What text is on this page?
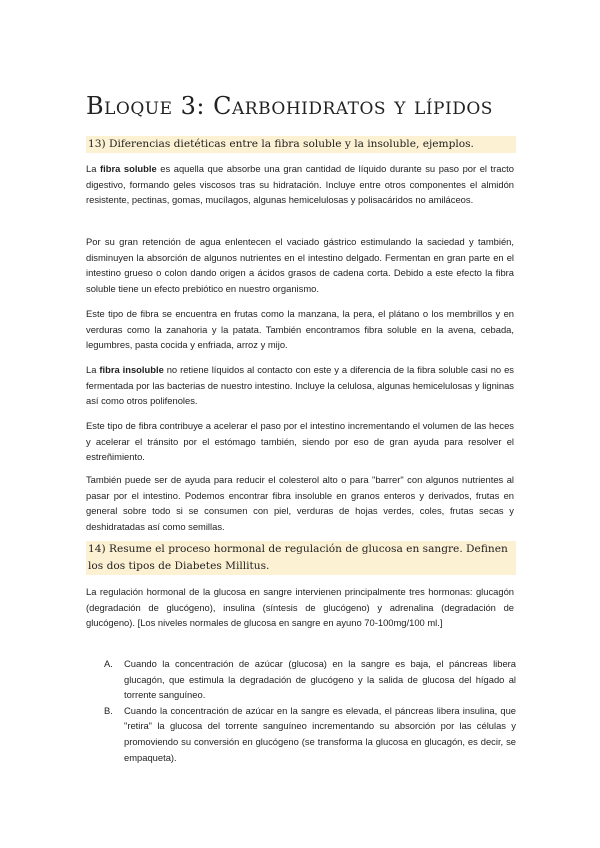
Bloque 3: Carbohidratos y lípidos
13) Diferencias dietéticas entre la fibra soluble y la insoluble, ejemplos.

La fibra soluble es aquella que absorbe una gran cantidad de líquido durante su paso por el tracto digestivo, formando geles viscosos tras su hidratación. Incluye entre otros componentes el almidón resistente, pectinas, gomas, mucílagos, algunas hemicelulosas y polisacáridos no amiláceos.

Por su gran retención de agua enlentecen el vaciado gástrico estimulando la saciedad y también, disminuyen la absorción de algunos nutrientes en el intestino delgado. Fermentan en gran parte en el intestino grueso o colon dando origen a ácidos grasos de cadena corta. Debido a este efecto la fibra soluble tiene un efecto prebiótico en nuestro organismo.

Este tipo de fibra se encuentra en frutas como la manzana, la pera, el plátano o los membrillos y en verduras como la zanahoria y la patata. También encontramos fibra soluble en la avena, cebada, legumbres, pasta cocida y enfriada, arroz y mijo.

La fibra insoluble no retiene líquidos al contacto con este y a diferencia de la fibra soluble casi no es fermentada por las bacterias de nuestro intestino. Incluye la celulosa, algunas hemicelulosas y ligninas así como otros polifenoles.

Este tipo de fibra contribuye a acelerar el paso por el intestino incrementando el volumen de las heces y acelerar el tránsito por el estómago también, siendo por eso de gran ayuda para resolver el estreñimiento.

También puede ser de ayuda para reducir el colesterol alto o para "barrer" con algunos nutrientes al pasar por el intestino. Podemos encontrar fibra insoluble en granos enteros y derivados, frutas en general sobre todo si se consumen con piel, verduras de hojas verdes, coles, frutas secas y deshidratadas así como semillas.

14) Resume el proceso hormonal de regulación de glucosa en sangre. Definen los dos tipos de Diabetes Millitus.

La regulación hormonal de la glucosa en sangre intervienen principalmente tres hormonas: glucagón (degradación de glucógeno), insulina (síntesis de glucógeno) y adrenalina (degradación de glucógeno). [Los niveles normales de glucosa en sangre en ayuno 70-100mg/100 ml.]

A. Cuando la concentración de azúcar (glucosa) en la sangre es baja, el páncreas libera glucagón, que estimula la degradación de glucógeno y la salida de glucosa del hígado al torrente sanguíneo.
B. Cuando la concentración de azúcar en la sangre es elevada, el páncreas libera insulina, que "retira" la glucosa del torrente sanguíneo incrementando su absorción por las células y promoviendo su conversión en glucógeno (se transforma la glucosa en glucagón, es decir, se empaqueta).
